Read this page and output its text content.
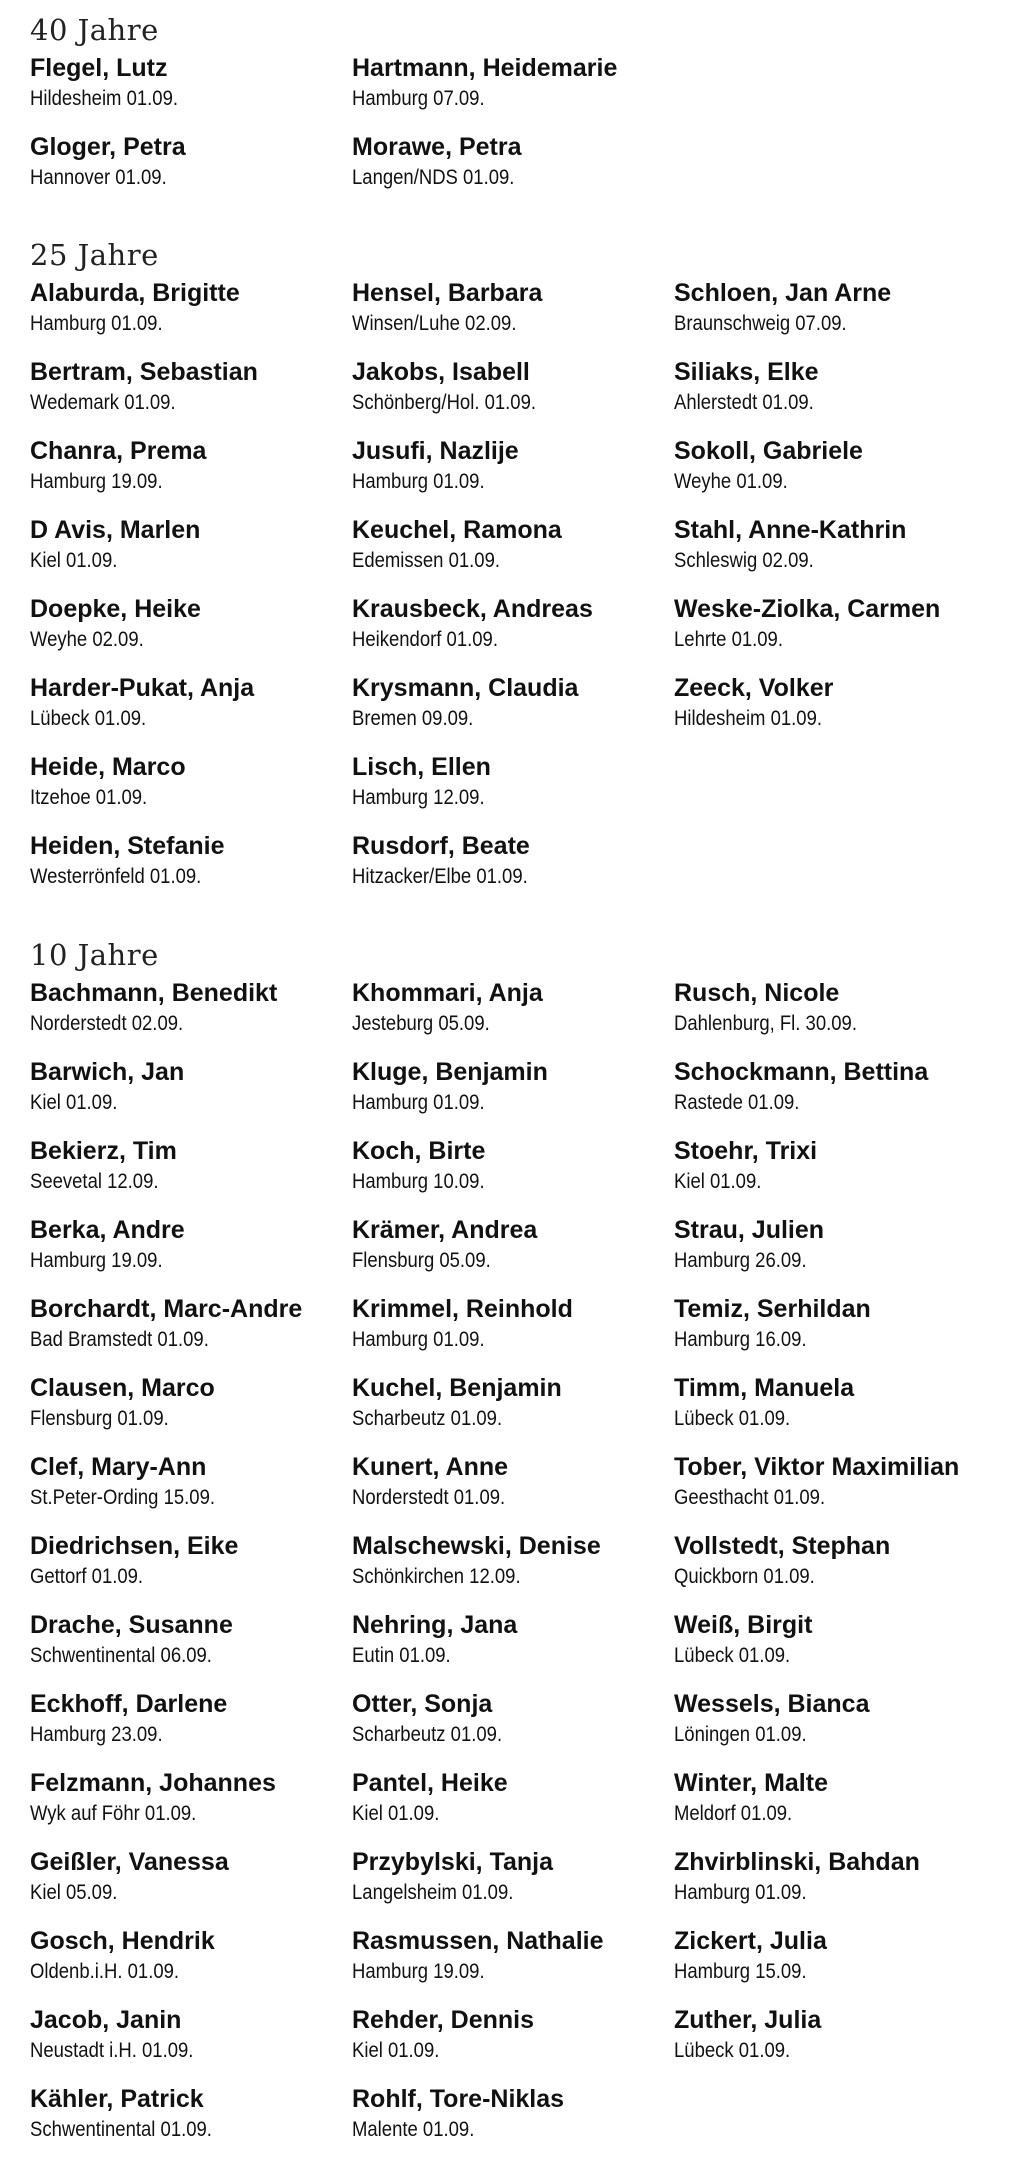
40 Jahre
Flegel, Lutz
Hildesheim 01.09.
Gloger, Petra
Hannover 01.09.
Hartmann, Heidemarie
Hamburg 07.09.
Morawe, Petra
Langen/NDS 01.09.
25 Jahre
Alaburda, Brigitte
Hamburg 01.09.
Bertram, Sebastian
Wedemark 01.09.
Chanra, Prema
Hamburg 19.09.
D Avis, Marlen
Kiel 01.09.
Doepke, Heike
Weyhe 02.09.
Harder-Pukat, Anja
Lübeck 01.09.
Heide, Marco
Itzehoe 01.09.
Heiden, Stefanie
Westerrönfeld 01.09.
Hensel, Barbara
Winsen/Luhe 02.09.
Jakobs, Isabell
Schönberg/Hol. 01.09.
Jusufi, Nazlije
Hamburg 01.09.
Keuchel, Ramona
Edemissen 01.09.
Krausbeck, Andreas
Heikendorf 01.09.
Krysmann, Claudia
Bremen 09.09.
Lisch, Ellen
Hamburg 12.09.
Rusdorf, Beate
Hitzacker/Elbe 01.09.
Schloen, Jan Arne
Braunschweig 07.09.
Siliaks, Elke
Ahlerstedt 01.09.
Sokoll, Gabriele
Weyhe 01.09.
Stahl, Anne-Kathrin
Schleswig 02.09.
Weske-Ziolka, Carmen
Lehrte 01.09.
Zeeck, Volker
Hildesheim 01.09.
10 Jahre
Bachmann, Benedikt
Norderstedt 02.09.
Barwich, Jan
Kiel 01.09.
Bekierz, Tim
Seevetal 12.09.
Berka, Andre
Hamburg 19.09.
Borchardt, Marc-Andre
Bad Bramstedt 01.09.
Clausen, Marco
Flensburg 01.09.
Clef, Mary-Ann
St.Peter-Ording 15.09.
Diedrichsen, Eike
Gettorf 01.09.
Drache, Susanne
Schwentinental 06.09.
Eckhoff, Darlene
Hamburg 23.09.
Felzmann, Johannes
Wyk auf Föhr 01.09.
Geißler, Vanessa
Kiel 05.09.
Gosch, Hendrik
Oldenb.i.H. 01.09.
Jacob, Janin
Neustadt i.H. 01.09.
Kähler, Patrick
Schwentinental 01.09.
Khommari, Anja
Jesteburg 05.09.
Kluge, Benjamin
Hamburg 01.09.
Koch, Birte
Hamburg 10.09.
Krämer, Andrea
Flensburg 05.09.
Krimmel, Reinhold
Hamburg 01.09.
Kuchel, Benjamin
Scharbeutz 01.09.
Kunert, Anne
Norderstedt 01.09.
Malschewski, Denise
Schönkirchen 12.09.
Nehring, Jana
Eutin 01.09.
Otter, Sonja
Scharbeutz 01.09.
Pantel, Heike
Kiel 01.09.
Przybylski, Tanja
Langelsheim 01.09.
Rasmussen, Nathalie
Hamburg 19.09.
Rehder, Dennis
Kiel 01.09.
Rohlf, Tore-Niklas
Malente 01.09.
Rusch, Nicole
Dahlenburg, Fl. 30.09.
Schockmann, Bettina
Rastede 01.09.
Stoehr, Trixi
Kiel 01.09.
Strau, Julien
Hamburg 26.09.
Temiz, Serhildan
Hamburg 16.09.
Timm, Manuela
Lübeck 01.09.
Tober, Viktor Maximilian
Geesthacht 01.09.
Vollstedt, Stephan
Quickborn 01.09.
Weiß, Birgit
Lübeck 01.09.
Wessels, Bianca
Löningen 01.09.
Winter, Malte
Meldorf 01.09.
Zhvirblinski, Bahdan
Hamburg 01.09.
Zickert, Julia
Hamburg 15.09.
Zuther, Julia
Lübeck 01.09.
